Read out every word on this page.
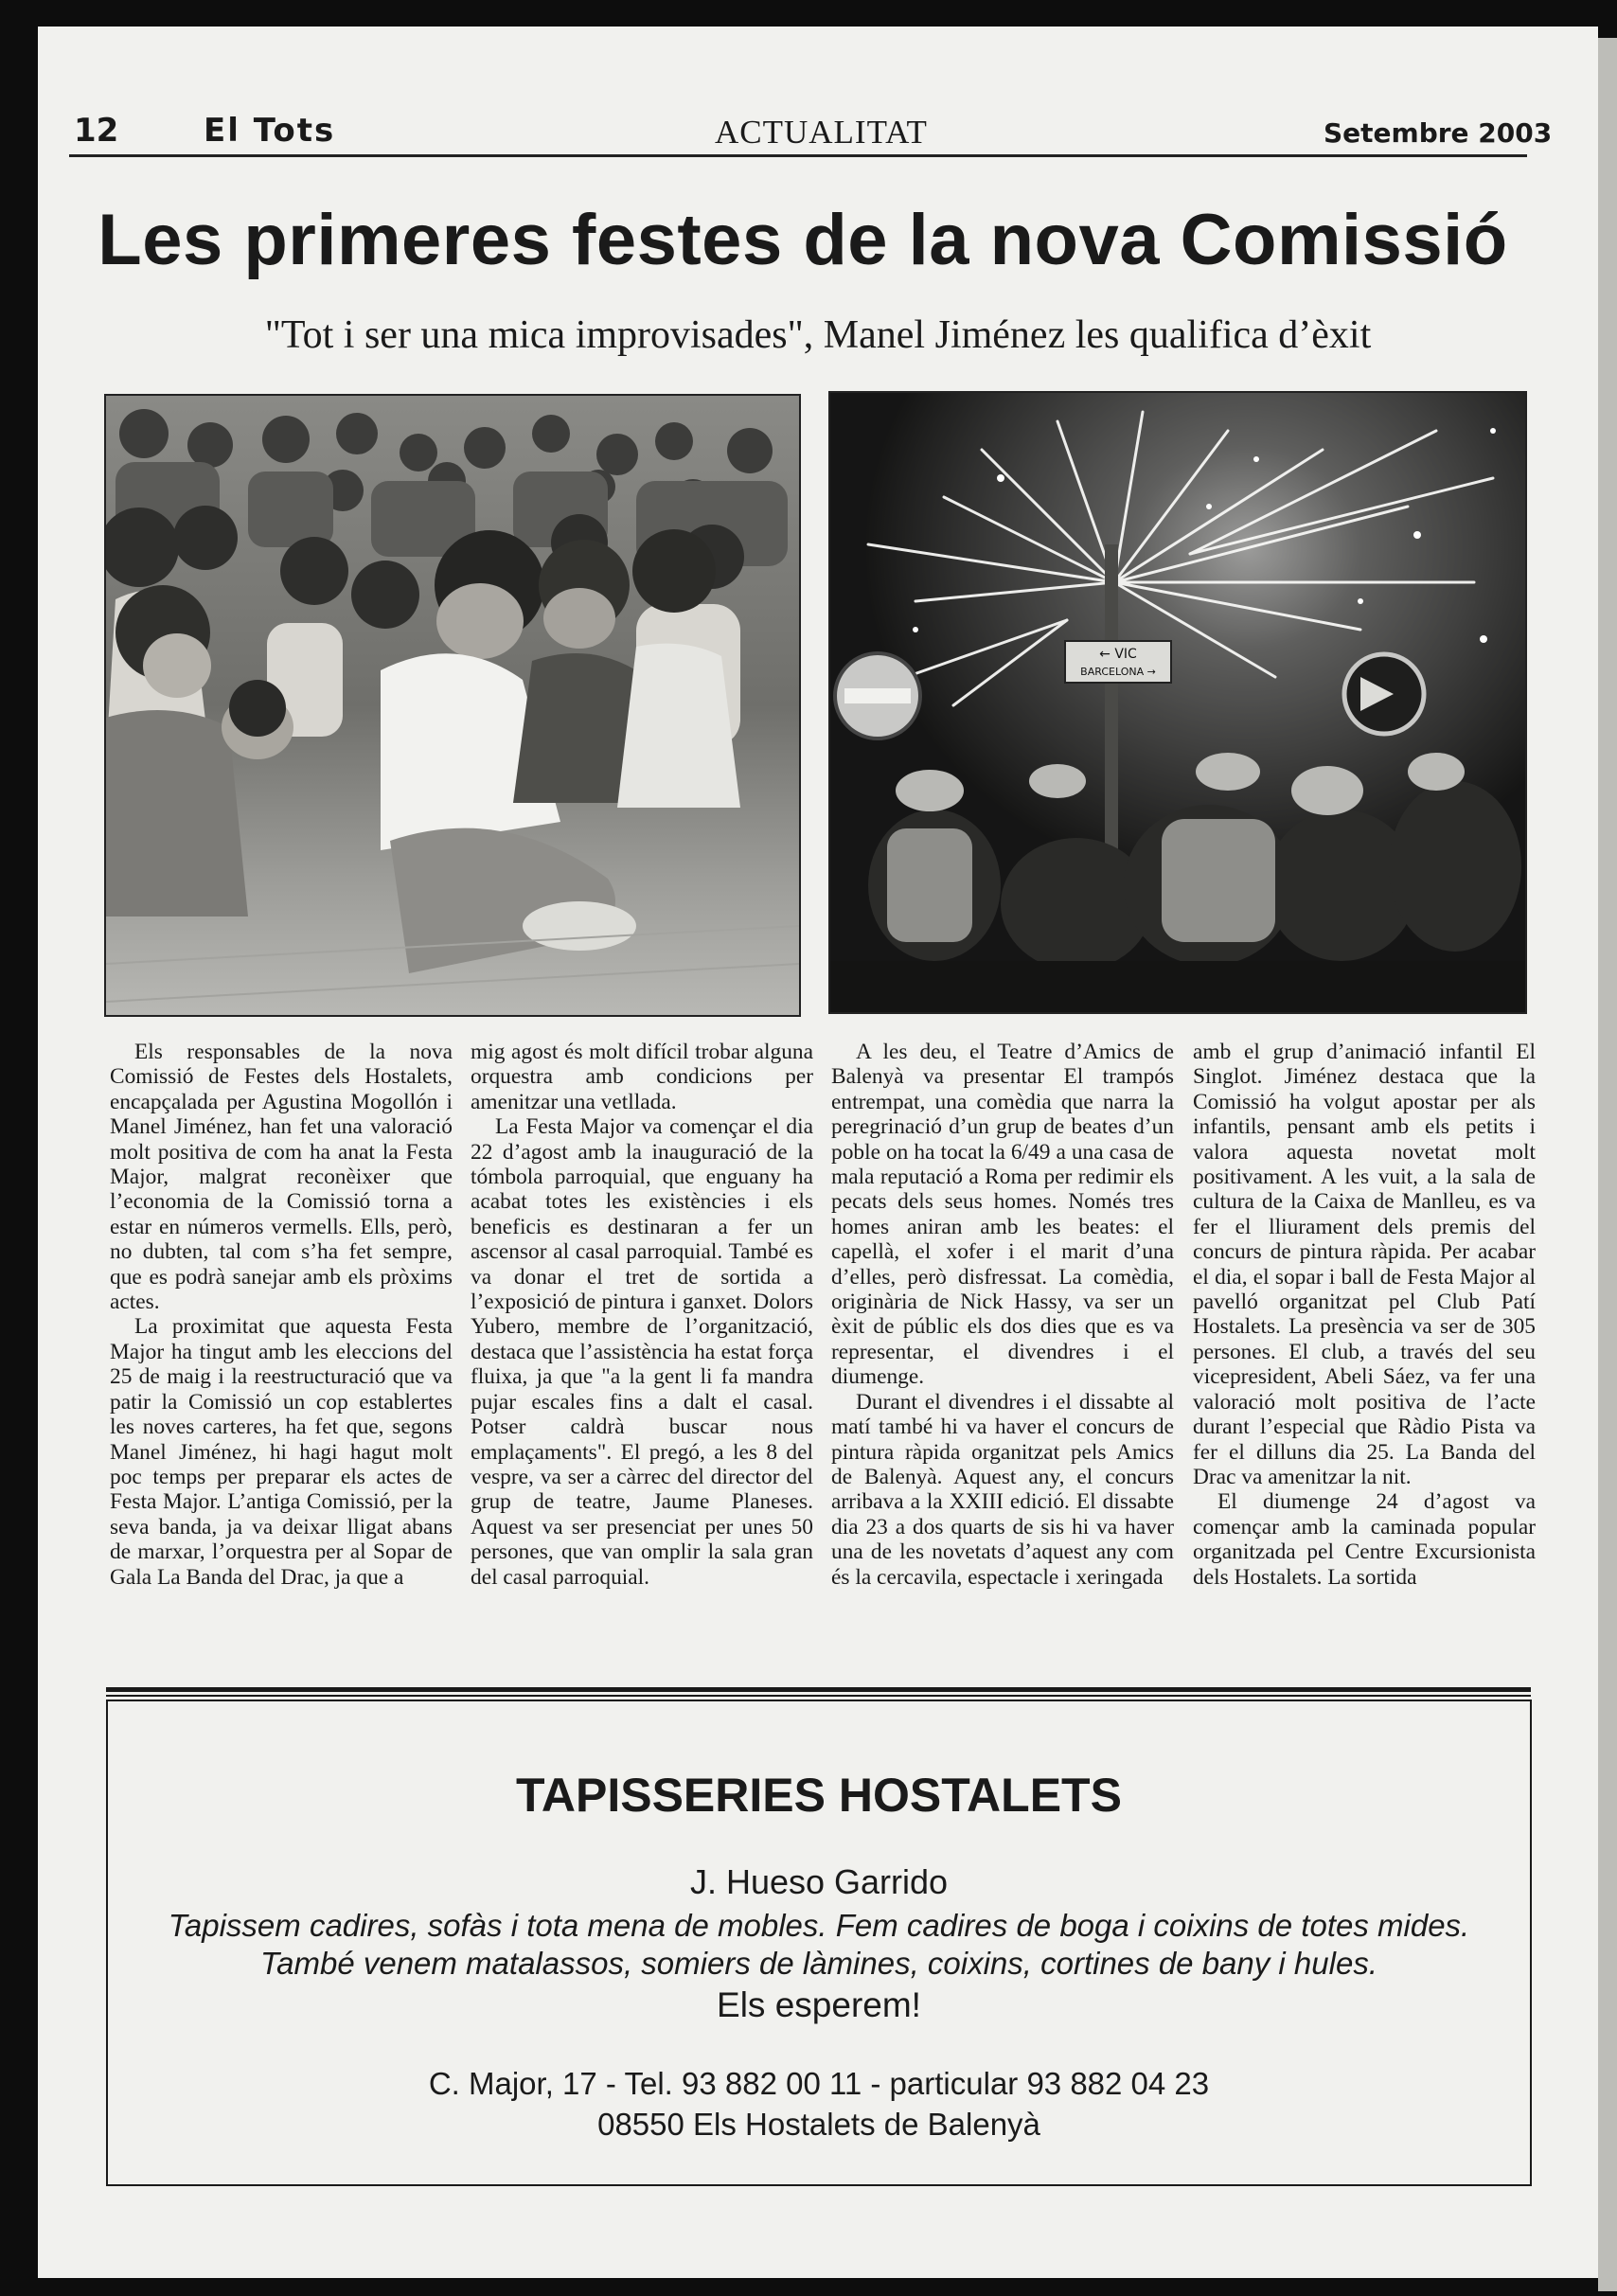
12	El Tots	ACTUALITAT	Setembre 2003
Les primeres festes de la nova Comissió
"Tot i ser una mica improvisades", Manel Jiménez les qualifica d’èxit
← VIC
BARCELONA →

Els responsables de la nova Comissió de Festes dels Hostalets, encapçalada per Agustina Mogollón i Manel Jiménez, han fet una valoració molt positiva de com ha anat la Festa Major, malgrat reconèixer que l’economia de la Comissió torna a estar en números vermells. Ells, però, no dubten, tal com s’ha fet sempre, que es podrà sanejar amb els pròxims actes.

La proximitat que aquesta Festa Major ha tingut amb les eleccions del 25 de maig i la reestructuració que va patir la Comissió un cop establertes les noves carteres, ha fet que, segons Manel Jiménez, hi hagi hagut molt poc temps per preparar els actes de Festa Major. L’antiga Comissió, per la seva banda, ja va deixar lligat abans de marxar, l’orquestra per al Sopar de Gala La Banda del Drac, ja que a

mig agost és molt difícil trobar alguna orquestra amb condicions per amenitzar una vetllada.

La Festa Major va començar el dia 22 d’agost amb la inauguració de la tómbola parroquial, que enguany ha acabat totes les existències i els beneficis es destinaran a fer un ascensor al casal parroquial. També es va donar el tret de sortida a l’exposició de pintura i ganxet. Dolors Yubero, membre de l’organització, destaca que l’assistència ha estat força fluixa, ja que "a la gent li fa mandra pujar escales fins a dalt el casal. Potser caldrà buscar nous emplaçaments". El pregó, a les 8 del vespre, va ser a càrrec del director del grup de teatre, Jaume Planeses. Aquest va ser presenciat per unes 50 persones, que van omplir la sala gran del casal parroquial.

A les deu, el Teatre d’Amics de Balenyà va presentar El trampós entrempat, una comèdia que narra la peregrinació d’un grup de beates d’un poble on ha tocat la 6/49 a una casa de mala reputació a Roma per redimir els pecats dels seus homes. Només tres homes aniran amb les beates: el capellà, el xofer i el marit d’una d’elles, però disfressat. La comèdia, originària de Nick Hassy, va ser un èxit de públic els dos dies que es va representar, el divendres i el diumenge.

Durant el divendres i el dissabte al matí també hi va haver el concurs de pintura ràpida organitzat pels Amics de Balenyà. Aquest any, el concurs arribava a la XXIII edició. El dissabte dia 23 a dos quarts de sis hi va haver una de les novetats d’aquest any com és la cercavila, espectacle i xeringada

amb el grup d’animació infantil El Singlot. Jiménez destaca que la Comissió ha volgut apostar per als infantils, pensant amb els petits i valora aquesta novetat molt positivament. A les vuit, a la sala de cultura de la Caixa de Manlleu, es va fer el lliurament dels premis del concurs de pintura ràpida. Per acabar el dia, el sopar i ball de Festa Major al pavelló organitzat pel Club Patí Hostalets. La presència va ser de 305 persones. El club, a través del seu vicepresident, Abeli Sáez, va fer una valoració molt positiva de l’acte durant l’especial que Ràdio Pista va fer el dilluns dia 25. La Banda del Drac va amenitzar la nit.

El diumenge 24 d’agost va començar amb la caminada popular organitzada pel Centre Excursionista dels Hostalets. La sortida

TAPISSERIES HOSTALETS
J. Hueso Garrido
Tapissem cadires, sofàs i tota mena de mobles. Fem cadires de boga i coixins de totes mides.
També venem matalassos, somiers de làmines, coixins, cortines de bany i hules.
Els esperem!
C. Major, 17 - Tel. 93 882 00 11 - particular 93 882 04 23
08550 Els Hostalets de Balenyà
